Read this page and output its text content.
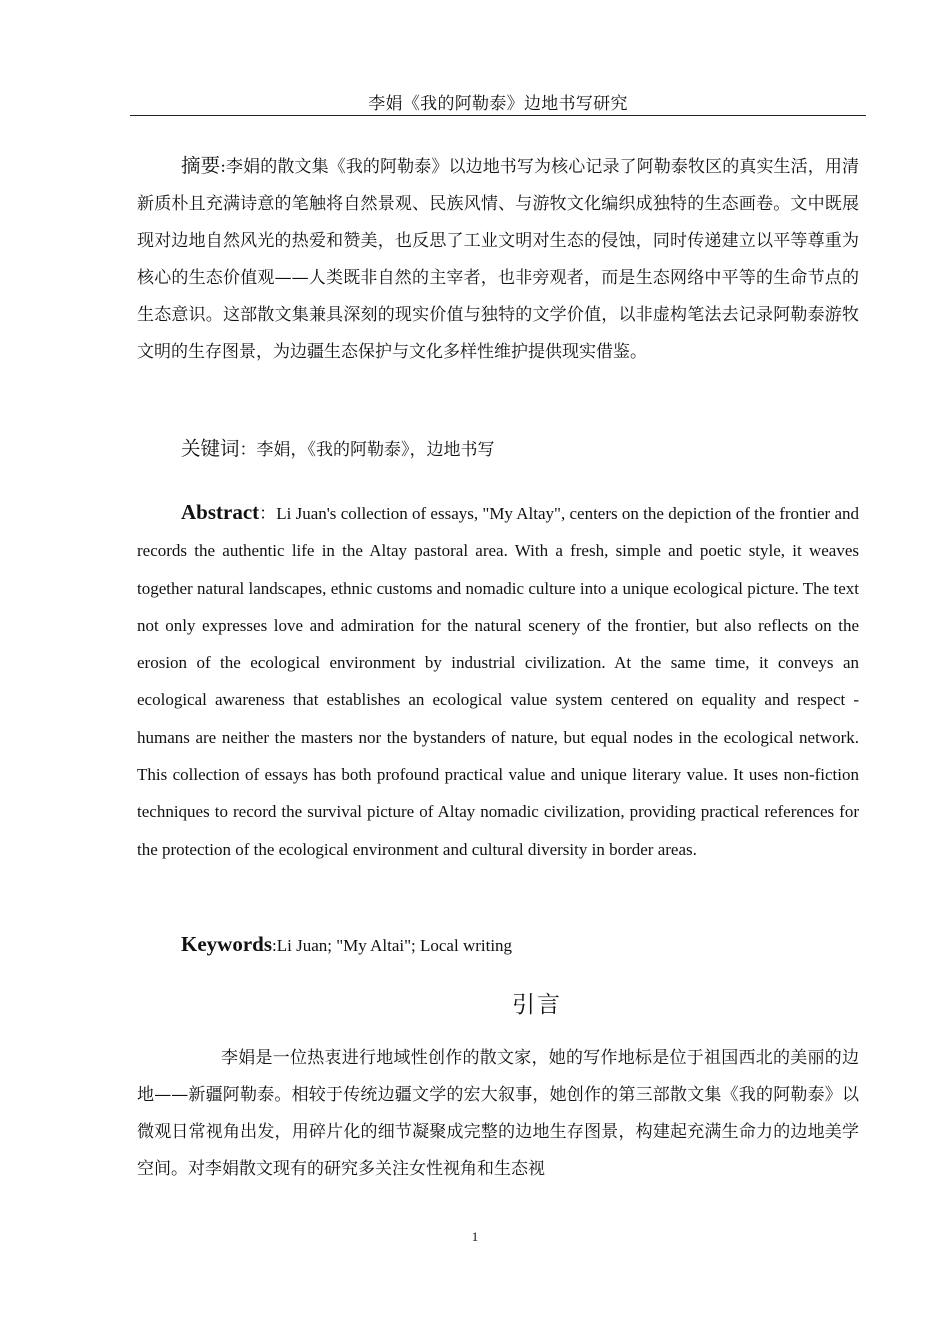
李娟《我的阿勒泰》边地书写研究
摘要:李娟的散文集《我的阿勒泰》以边地书写为核心记录了阿勒泰牧区的真实生活，用清新质朴且充满诗意的笔触将自然景观、民族风情、与游牧文化编织成独特的生态画卷。文中既展现对边地自然风光的热爱和赞美，也反思了工业文明对生态的侵蚀，同时传递建立以平等尊重为核心的生态价值观——人类既非自然的主宰者，也非旁观者，而是生态网络中平等的生命节点的生态意识。这部散文集兼具深刻的现实价值与独特的文学价值，以非虚构笔法去记录阿勒泰游牧文明的生存图景，为边疆生态保护与文化多样性维护提供现实借鉴。
关键词：李娟，《我的阿勒泰》，边地书写
Abstract：Li Juan's collection of essays, "My Altay", centers on the depiction of the frontier and records the authentic life in the Altay pastoral area. With a fresh, simple and poetic style, it weaves together natural landscapes, ethnic customs and nomadic culture into a unique ecological picture. The text not only expresses love and admiration for the natural scenery of the frontier, but also reflects on the erosion of the ecological environment by industrial civilization. At the same time, it conveys an ecological awareness that establishes an ecological value system centered on equality and respect - humans are neither the masters nor the bystanders of nature, but equal nodes in the ecological network. This collection of essays has both profound practical value and unique literary value. It uses non-fiction techniques to record the survival picture of Altay nomadic civilization, providing practical references for the protection of the ecological environment and cultural diversity in border areas.
Keywords:Li Juan; "My Altai"; Local writing
引言
李娟是一位热衷进行地域性创作的散文家，她的写作地标是位于祖国西北的美丽的边地——新疆阿勒泰。相较于传统边疆文学的宏大叙事，她创作的第三部散文集《我的阿勒泰》以微观日常视角出发，用碎片化的细节凝聚成完整的边地生存图景，构建起充满生命力的边地美学空间。对李娟散文现有的研究多关注女性视角和生态视
1
